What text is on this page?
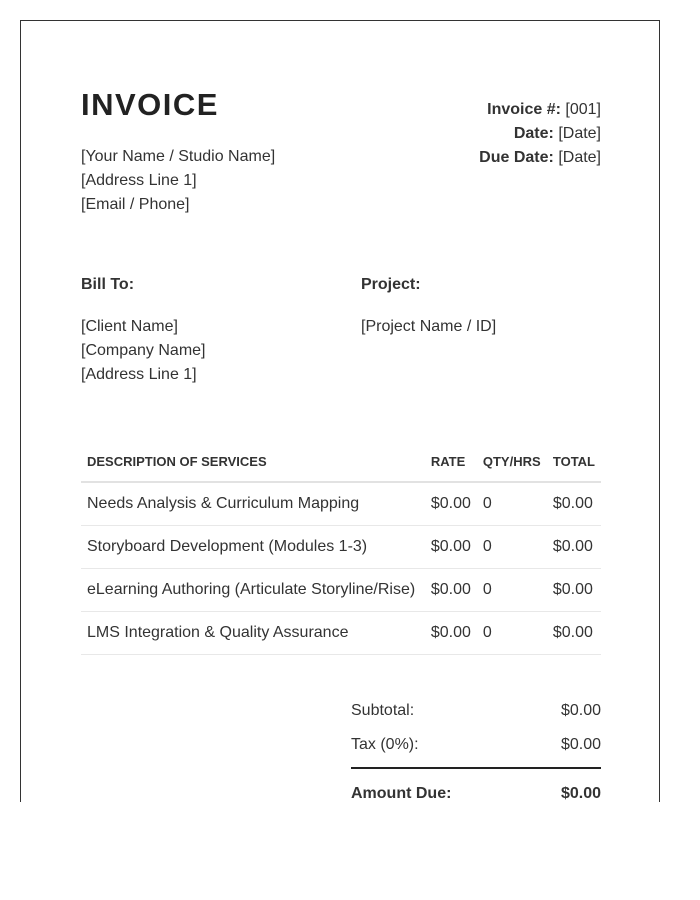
INVOICE	Invoice #: [001]
Date: [Date]
Due Date: [Date]
[Your Name / Studio Name]
[Address Line 1]
[Email / Phone]
Bill To:
[Client Name]
[Company Name]
[Address Line 1]
Project:
[Project Name / ID]
DESCRIPTION OF SERVICES	RATE	QTY/HRS	TOTAL
Needs Analysis & Curriculum Mapping	$0.00	0	$0.00
Storyboard Development (Modules 1-3)	$0.00	0	$0.00
eLearning Authoring (Articulate Storyline/Rise)	$0.00	0	$0.00
LMS Integration & Quality Assurance	$0.00	0	$0.00
Subtotal:	$0.00
Tax (0%):	$0.00
Amount Due:	$0.00
